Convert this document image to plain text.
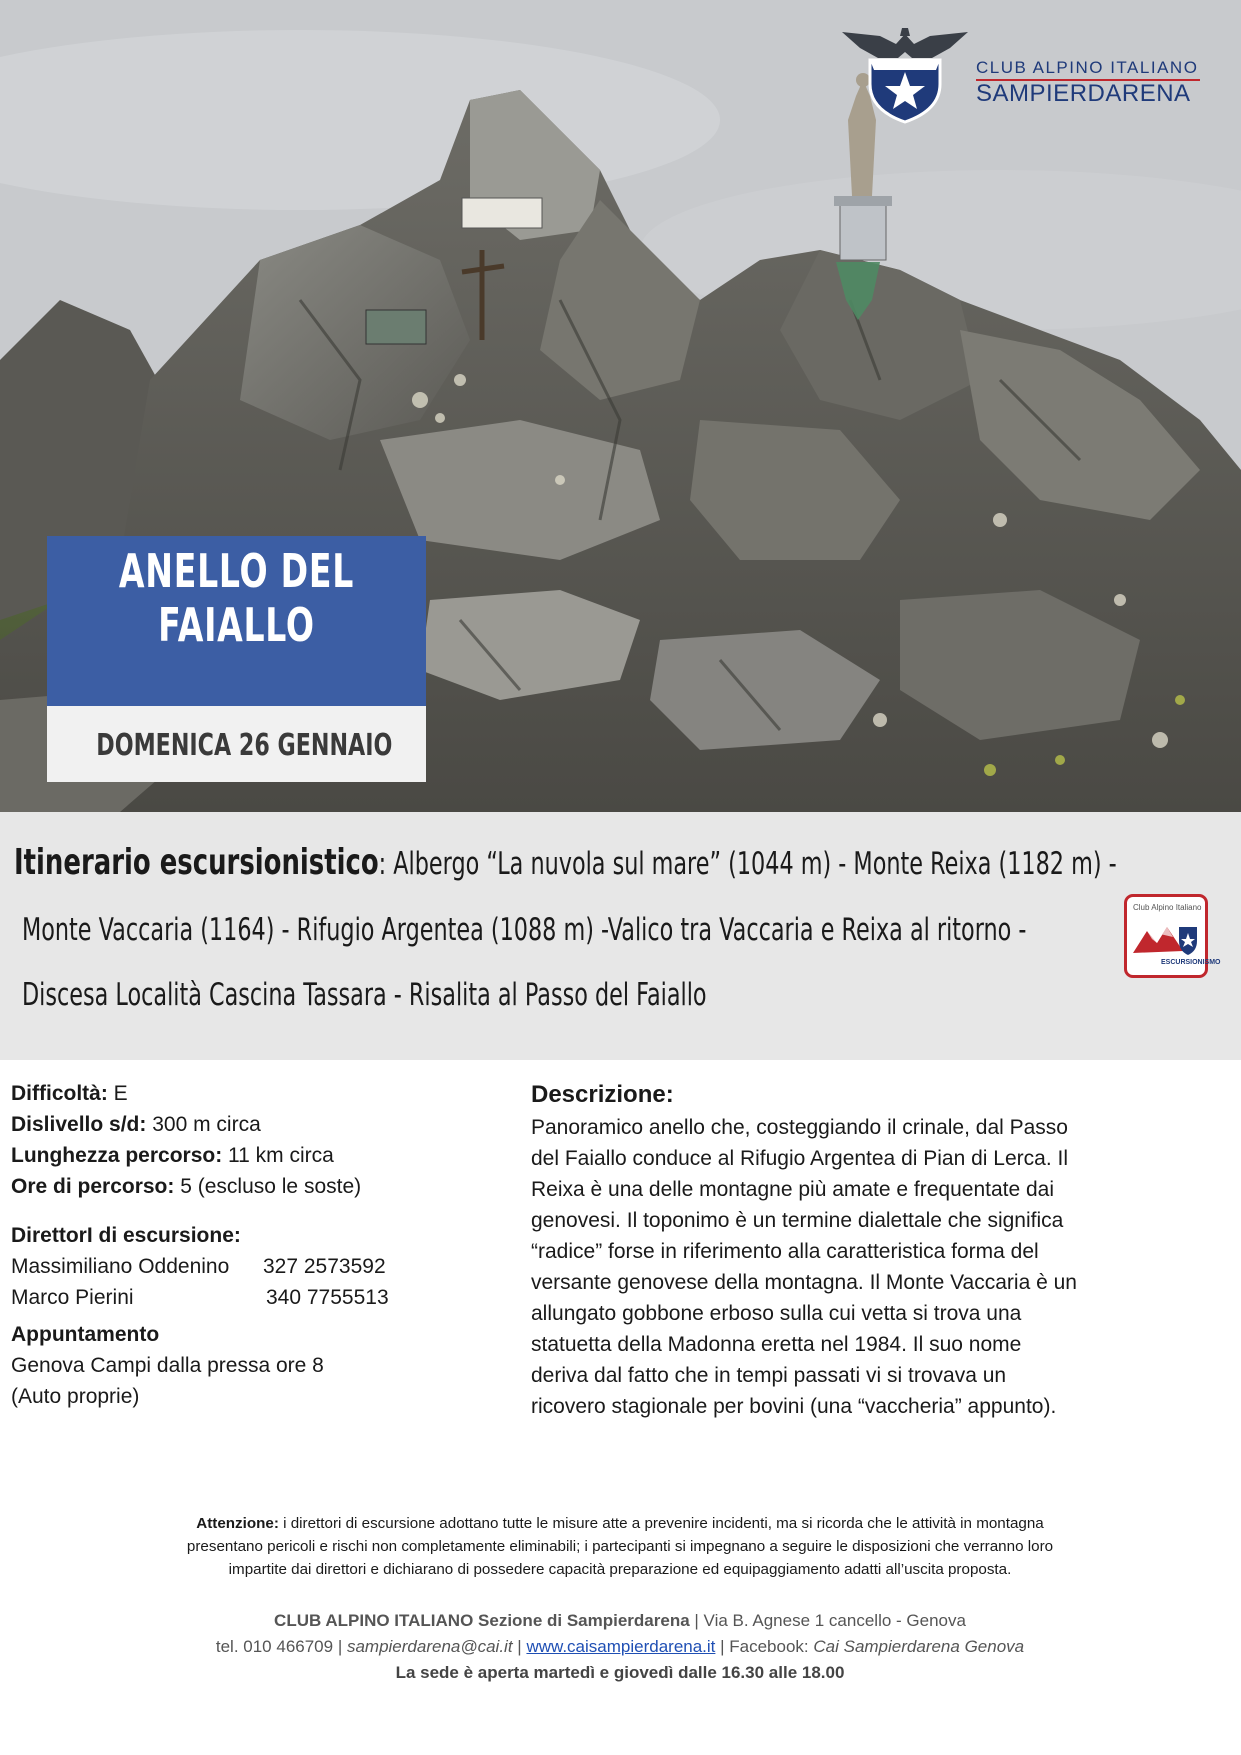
CLUB ALPINO ITALIANO
SAMPIERDARENA
ANELLO DEL
FAIALLO
DOMENICA 26 GENNAIO
Itinerario escursionistico: Albergo “La nuvola sul mare” (1044 m) - Monte Reixa (1182 m) -
Monte Vaccaria (1164) - Rifugio Argentea (1088 m) -Valico tra Vaccaria e Reixa al ritorno -
Discesa Località Cascina Tassara - Risalita al Passo del Faiallo
Club Alpino Italiano
ESCURSIONISMO
Difficoltà: E
Dislivello s/d: 300 m circa
Lunghezza percorso: 11 km circa
Ore di percorso: 5 (escluso le soste)
DirettorI di escursione:
Massimiliano Oddenino 327 2573592
Marco Pierini	340 7755513
Appuntamento
Genova Campi dalla pressa ore 8
(Auto proprie)
Descrizione:
Panoramico anello che, costeggiando il crinale, dal Passo
del Faiallo conduce al Rifugio Argentea di Pian di Lerca. Il
Reixa è una delle montagne più amate e frequentate dai
genovesi. Il toponimo è un termine dialettale che significa
“radice” forse in riferimento alla caratteristica forma del
versante genovese della montagna. Il Monte Vaccaria è un
allungato gobbone erboso sulla cui vetta si trova una
statuetta della Madonna eretta nel 1984. Il suo nome
deriva dal fatto che in tempi passati vi si trovava un
ricovero stagionale per bovini (una “vaccheria” appunto).
Attenzione: i direttori di escursione adottano tutte le misure atte a prevenire incidenti, ma si ricorda che le attività in montagna
presentano pericoli e rischi non completamente eliminabili; i partecipanti si impegnano a seguire le disposizioni che verranno loro
impartite dai direttori e dichiarano di possedere capacità preparazione ed equipaggiamento adatti all’uscita proposta.
CLUB ALPINO ITALIANO Sezione di Sampierdarena | Via B. Agnese 1 cancello - Genova
tel. 010 466709 | sampierdarena@cai.it | www.caisampierdarena.it | Facebook: Cai Sampierdarena Genova
La sede è aperta martedì e giovedì dalle 16.30 alle 18.00
